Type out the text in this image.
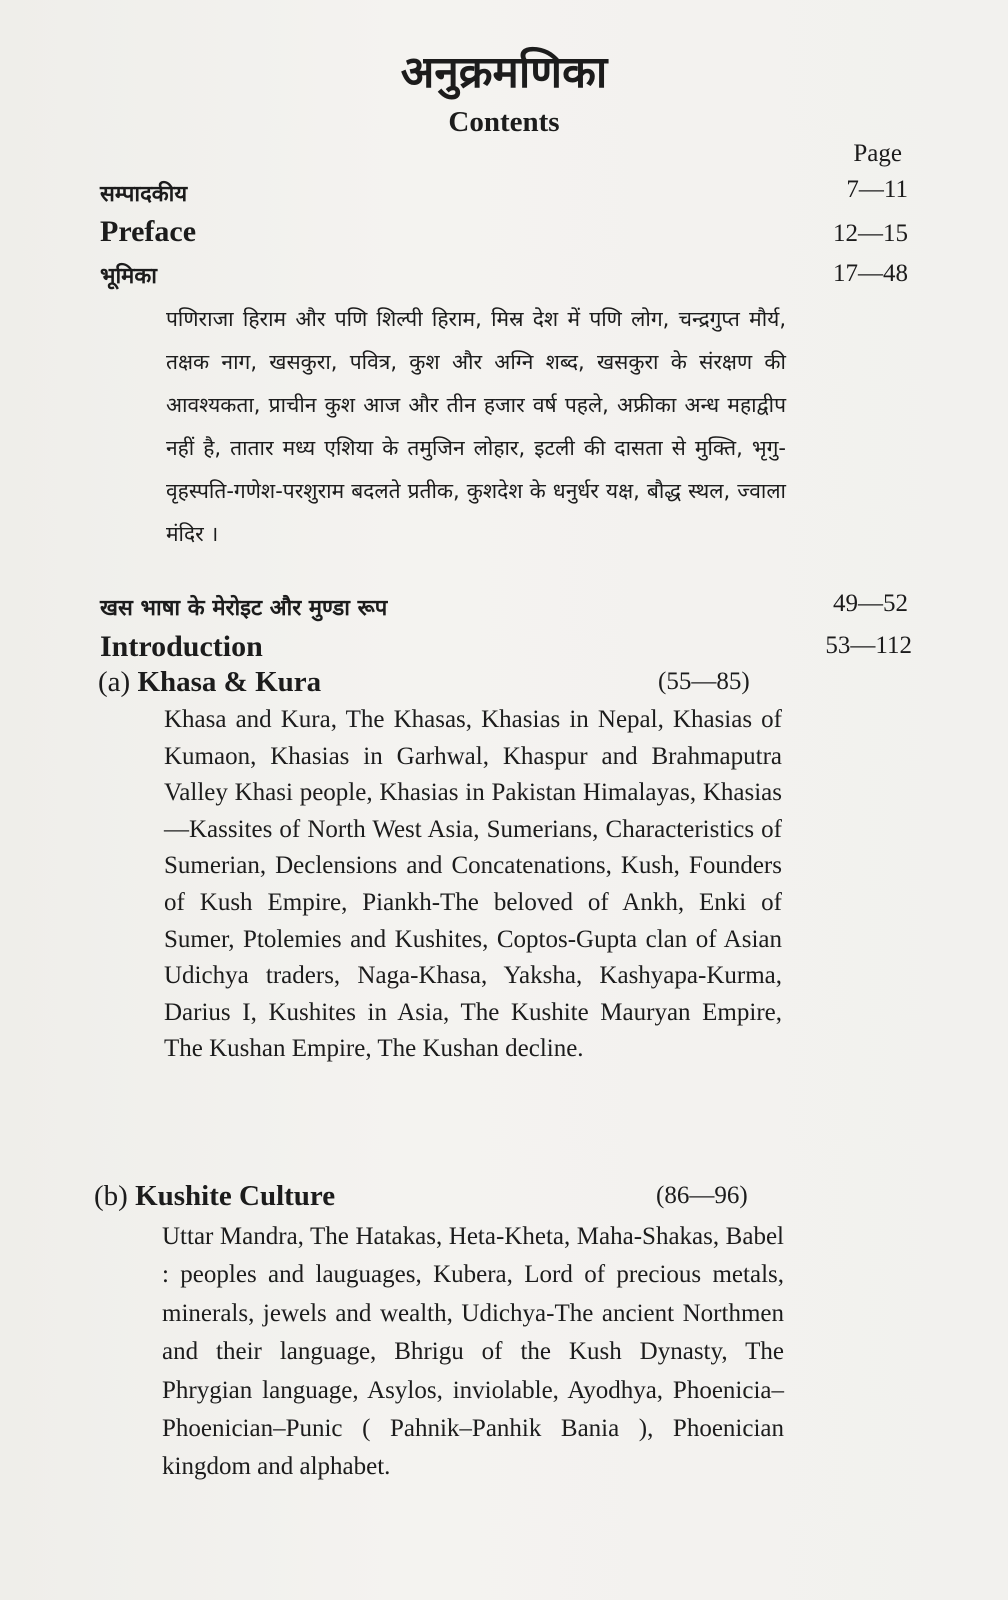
अनुक्रमणिका
Contents
Page
सम्पादकीय	7—11
Preface	12—15
भूमिका	17—48
पणिराजा हिराम और पणि शिल्पी हिराम, मिस्र देश में पणि लोग, चन्द्रगुप्त मौर्य, तक्षक नाग, खसकुरा, पवित्र, कुश और अग्नि शब्द, खसकुरा के संरक्षण की आवश्यकता, प्राचीन कुश आज और तीन हजार वर्ष पहले, अफ्रीका अन्ध महाद्वीप नहीं है, तातार मध्य एशिया के तमुजिन लोहार, इटली की दासता से मुक्ति, भृगु-वृहस्पति-गणेश-परशुराम बदलते प्रतीक, कुशदेश के धनुर्धर यक्ष, बौद्ध स्थल, ज्वाला मंदिर ।
खस भाषा के मेरोइट और मुण्डा रूप	49—52
Introduction	53—112
(a) Khasa & Kura	(55—85)
Khasa and Kura, The Khasas, Khasias in Nepal, Khasias of Kumaon, Khasias in Garhwal, Khaspur and Brahmaputra Valley Khasi people, Khasias in Pakistan Himalayas, Khasias—Kassites of North West Asia, Sumerians, Characteristics of Sumerian, Declensions and Concatenations, Kush, Founders of Kush Empire, Piankh-The beloved of Ankh, Enki of Sumer, Ptolemies and Kushites, Coptos-Gupta clan of Asian Udichya traders, Naga-Khasa, Yaksha, Kashyapa-Kurma, Darius I, Kushites in Asia, The Kushite Mauryan Empire, The Kushan Empire, The Kushan decline.
(b) Kushite Culture	(86—96)
Uttar Mandra, The Hatakas, Heta-Kheta, Maha-Shakas, Babel : peoples and lauguages, Kubera, Lord of precious metals, minerals, jewels and wealth, Udichya-The ancient Northmen and their language, Bhrigu of the Kush Dynasty, The Phrygian language, Asylos, inviolable, Ayodhya, Phoenicia– Phoenician–Punic ( Pahnik–Panhik Bania ), Phoenician kingdom and alphabet.
